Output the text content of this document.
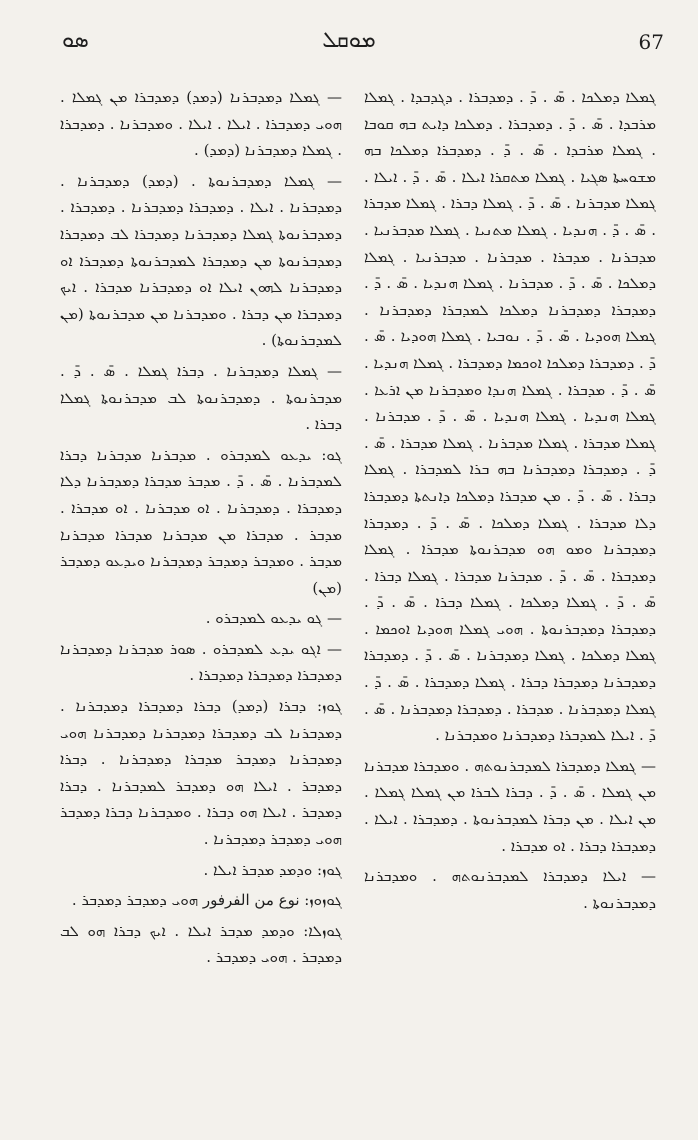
ܣܘ	ܡܘܩܠ	67

ܓܡܠܐ ܕܡܠܟܐ . ܣ̄ . ܕ̄ . ܕܡܕܒܪܐ . ܕܓܕܒܕܐ . ܓܡܠܐ ܡܪܒܕܐ . ܣ̄ . ܕ̄ . ܕܡܕܒܪܐ . ܕܡܠܟܐ ܕܐܝܬ ܒܗ ܩܘܒܐ . ܓܡܠܐ ܡܪܒܕܐ . ܣ̄ . ܕ̄ . ܕܡܕܒܪܐ ܕܡܠܟܐ ܒܗ ܡܫܘܚܬܐ ܣܓܝܐ . ܓܡܠܐ ܡܬܩܪܐ ܐܝܠܐ . ܣ̄ . ܕ̄ . ܐܝܠܐ . ܓܡܠܐ ܡܕܒܪܢܐ . ܣ̄ . ܕ̄ . ܓܡܠܐ ܕܒܪܐ . ܓܡܠܐ ܡܕܒܪܐ . ܣ̄ . ܕ̄ . ܗܢܕܝܐ . ܓܡܠܐ ܡܬܢܝܐ . ܓܡܠܐ ܡܕܒܪܢܝܐ . ܡܕܒܪܢܐ . ܡܕܒܪܐ . ܡܕܒܪܢܐ . ܡܕܒܪܢܝܐ . ܓܡܠܐ ܕܡܠܟܐ . ܣ̄ . ܕ̄ . ܡܕܒܪܢܐ . ܓܡܠܐ ܗܢܕܝܐ . ܣ̄ . ܕ̄ . ܕܡܕܒܪܐ ܕܡܕܒܪܢܐ ܕܡܠܟܐ ܠܡܕܒܪܐ ܕܡܕܒܪܢܐ . ܓܡܠܐ ܗܘܕܝܐ . ܣ̄ . ܕ̄ . ܢܘܒܝܐ . ܓܡܠܐ ܗܘܕܝܐ . ܣ̄ . ܕ̄ . ܕܡܕܒܪܐ ܕܡܠܟܐ ܐܘܟܡܐ ܕܡܕܒܪܐ . ܓܡܠܐ ܗܢܕܝܐ . ܣ̄ . ܕ̄ . ܡܕܒܪܐ . ܓܡܠܐ ܗܢܕܐ ܘܡܕܒܪܢܐ ܡܢ ܐܪܥܐ . ܓܡܠܐ ܗܢܕܝܐ . ܓܡܠܐ ܗܢܕܝܐ . ܣ̄ . ܕ̄ . ܡܕܒܪܢܐ . ܓܡܠܐ ܡܕܒܪܐ . ܓܡܠܐ ܡܕܒܪܢܐ . ܓܡܠܐ ܡܕܒܪܐ . ܣ̄ . ܕ̄ . ܕܡܕܒܪܐ ܕܡܕܒܪܢܐ ܒܗ ܒܪܐ ܠܡܕܒܪܐ . ܓܡܠܐ ܕܒܪܐ . ܣ̄ . ܕ̄ . ܡܢ ܡܕܒܪܐ ܕܡܠܟܐ ܕܐܢܬܬܐ ܕܡܕܒܪܐ ܕܠܐ ܡܕܒܪܐ . ܓܡܠܐ ܕܡܠܟܐ . ܣ̄ . ܕ̄ . ܕܡܕܒܪܐ ܕܡܕܒܪܢܐ ܘܡܘ ܗܘ ܡܕܒܪܢܘܬܐ ܡܕܒܪܐ . ܓܡܠܐ ܕܡܕܒܪܐ . ܣ̄ . ܕ̄ . ܡܕܒܪܢܐ ܡܕܒܪܐ . ܓܡܠܐ ܕܒܪܐ . ܣ̄ . ܕ̄ . ܓܡܠܐ ܕܡܠܟܐ . ܓܡܠܐ ܕܒܪܐ . ܣ̄ . ܕ̄ . ܕܡܕܒܪܐ ܕܡܕܒܪܢܘܬܐ . ܗܘܝ ܓܡܠܐ ܗܘܕܝܐ ܐܘܟܡܐ . ܓܡܠܐ ܕܡܠܟܐ . ܓܡܠܐ ܕܡܕܒܪܢܐ . ܣ̄ . ܕ̄ . ܕܡܕܒܪܐ ܕܡܕܒܪܢܐ ܕܡܕܒܪܐ ܕܒܪܐ . ܓܡܠܐ ܕܡܕܒܪܐ . ܣ̄ . ܕ̄ . ܓܡܠܐ ܕܡܕܒܪܢܐ . ܡܕܒܪܐ . ܕܡܕܒܪܐ ܕܡܕܒܪܢܐ . ܣ̄ . ܕ̄ . ܐܝܠܐ ܠܡܕܒܪܐ ܕܡܕܒܪܢܐ ܘܡܕܒܪܢܐ .

— ܓܡܠܐ ܕܡܕܒܪܐ ܠܡܕܒܪܢܘܬܗ . ܘܡܕܒܪܐ ܡܕܒܪܢܐ ܡܢ ܓܡܠܐ . ܣ̄ . ܕ̄ . ܕܒܪܐ ܠܒܪܐ ܡܢ ܓܡܠܐ ܓܡܠܐ . ܡܢ ܐܝܠܐ . ܡܢ ܕܒܪܐ ܠܡܕܒܪܢܘܬܐ . ܕܡܕܒܪܐ . ܐܝܠܐ . ܕܡܕܒܪܐ ܕܒܪܐ . ܐܘ ܡܕܒܪܐ .

— ܐܝܠܐ ܕܡܕܒܪܐ ܠܡܕܒܪܢܘܬܗ . ܘܡܕܒܪܢܐ ܕܡܕܒܪܢܘܬܐ .

— ܓܡܠܐ ܕܡܕܒܪܢܐ (ܕܡܕ) ܕܡܕܒܪܐ ܡܢ ܓܡܠܐ . ܗܘܝ ܕܡܕܒܪܐ . ܐܝܠܐ . ܐܝܠܐ . ܘܡܕܒܪܢܐ . ܕܡܕܒܪܐ . ܓܡܠܐ ܕܡܕܒܪܢܐ (ܕܡܕ) .

— ܓܡܠܐ ܕܡܕܒܪܢܘܬܐ . (ܕܡܕ) ܕܡܕܒܪܢܐ . ܕܡܕܒܪܢܐ . ܐܝܠܐ . ܕܡܕܒܪܐ ܕܡܕܒܪܢܐ . ܕܡܕܒܪܐ . ܕܡܕܒܪܢܘܬܐ ܓܡܠܐ ܕܡܕܒܪܢܐ ܕܡܕܒܪܐ ܠܒ ܕܡܕܒܪܐ ܕܡܕܒܪܢܘܬܐ ܡܢ ܕܡܕܒܪܐ ܠܡܕܒܪܢܘܬܐ ܕܡܕܒܪܐ ܐܘ ܕܡܕܒܪܢܐ ܠܗܘܢ ܐܝܠܐ ܐܘ ܕܡܕܒܪܢܐ ܡܕܒܪܐ . ܐܝܟ ܕܡܕܒܪܐ ܡܢ ܕܒܪܐ . ܘܡܕܒܪܢܐ ܡܢ ܡܕܒܪܢܘܬܐ (ܡܢ ܠܡܕܒܪܢܘܬܐ) .

— ܓܡܠܐ ܕܡܕܒܪܢܐ . ܕܒܪܐ ܓܡܠܐ . ܣ̄ . ܕ̄ . ܡܕܒܪܢܘܬܐ . ܕܡܕܒܪܢܘܬܐ ܠܒ ܡܕܒܪܢܘܬܐ ܓܡܠܐ ܕܒܪܐ .

ܓܘ: ܝܕܥܘ ܠܡܕܒܪܘ . ܡܕܒܪܢܐ ܡܕܒܪܢܐ ܕܒܪܐ ܠܡܕܒܪܢܐ . ܣ̄ . ܕ̄ . ܡܕܒܪ ܡܕܒܪܐ ܕܡܕܒܪܢܐ ܕܠܐ ܕܡܕܒܪܐ . ܕܡܕܒܪܢܐ . ܐܘ ܡܕܒܪܢܐ . ܐܘ ܡܕܒܪܐ . ܡܕܒܪ . ܡܕܒܪܐ ܡܢ ܡܕܒܪܢܐ ܡܕܒܪܐ ܡܕܒܪܢܐ ܡܕܒܪ . ܘܡܕܒܪ ܕܡܕܒܪ ܕܡܕܒܪܢܐ ܘܝܕܥܘ ܕܡܕܒܪ (ܡܢ)

— ܓܘ ܝܕܥܘ ܠܡܕܒܪܘ .

— ܐܓܘ ܝܕܥ ܠܡܕܒܪܘ . ܣܘܪ ܡܕܒܪܢܐ ܕܡܕܒܪܢܐ ܕܡܕܒܪܐ ܕܡܕܒܪܐ ܕܡܕܒܪܐ .

ܓܘܙ: ܕܒܪܐ (ܕܡܕ) ܕܒܪܐ ܕܡܕܒܪܐ ܕܡܕܒܪܢܐ . ܕܡܕܒܪܢܐ ܠܒ ܕܡܕܒܪܐ ܕܡܕܒܪܢܐ ܕܡܕܒܪܢܐ ܗܘܝ ܕܡܕܒܪܢܐ ܕܡܕܒܪ ܡܕܒܪܐ ܕܡܕܒܪܢܐ . ܕܒܪܐ ܕܡܕܒܪ . ܐܝܠܐ ܗܘ ܕܡܕܒܪ ܠܡܕܒܪܢܐ . ܕܒܪܐ ܕܡܕܒܪ . ܐܝܠܐ ܗܘ ܕܒܪܐ . ܘܡܕܒܪܢܐ ܕܒܪܐ ܕܡܕܒܪ ܗܘܝ ܕܡܕܒܪ ܕܡܕܒܪܢܐ .

ܓܘܙ: ܘܕܡܕ ܡܕܒܪ ܐܝܠܐ .

ܓܘܙܘܙ: نوع من الفرفور ܗܘܝ ܕܡܕܒܪ ܕܡܕܒܪ .

ܓܘܙܠܐ: ܘܕܡܕ ܡܕܒܪ ܐܝܠܐ . ܐܝܟ ܕܒܪܐ ܗܘ ܠܒ ܕܡܕܒܪ . ܗܘܝ ܕܡܕܒܪ .
